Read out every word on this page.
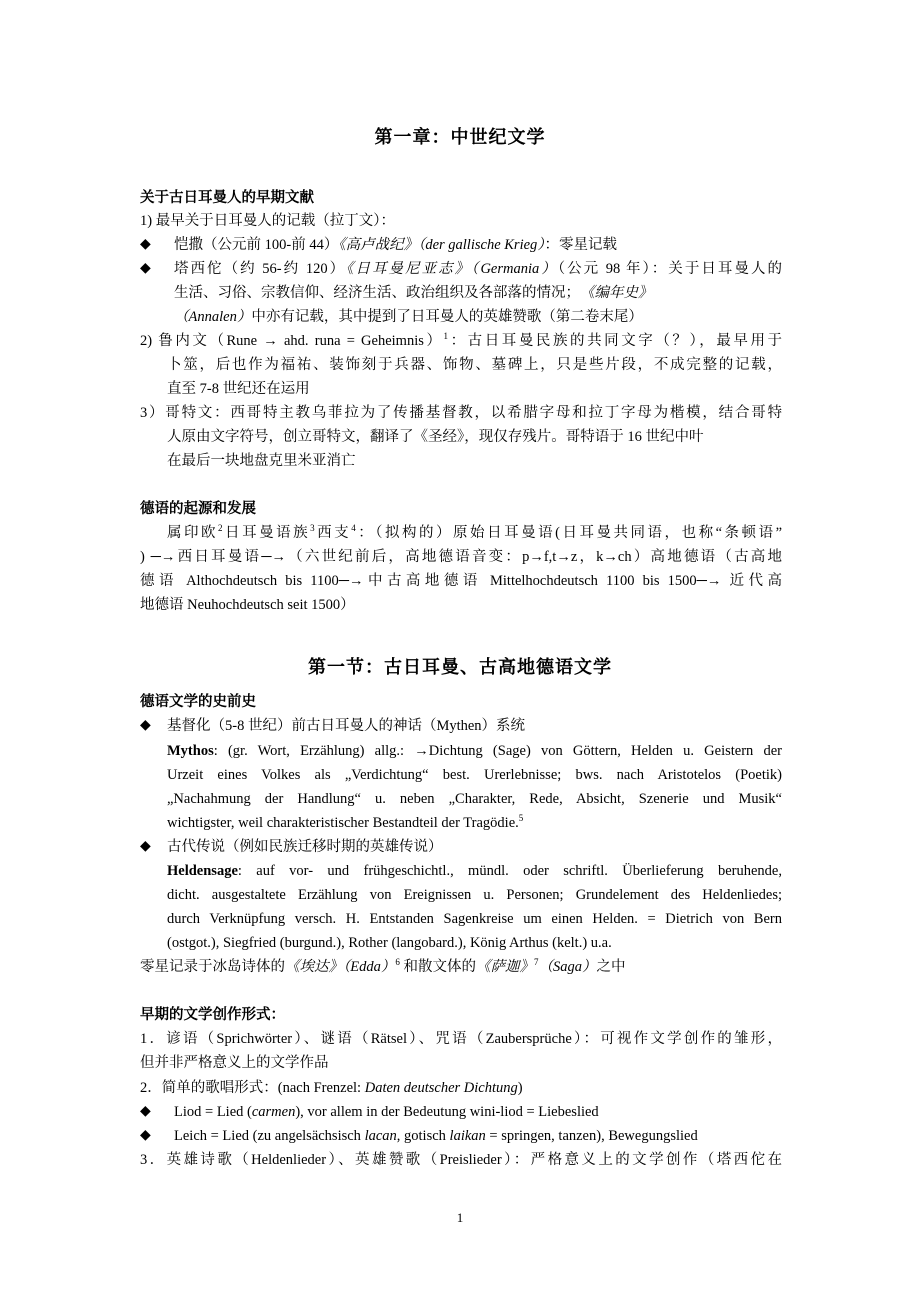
第一章：中世纪文学
关于古日耳曼人的早期文献
1) 最早关于日耳曼人的记载（拉丁文）：
恺撒（公元前 100-前 44）《高卢战纪》（der gallische Krieg）：零星记载
◆
塔西佗（约 56-约 120）《日耳曼尼亚志》（Germania）（公元 98 年）：关于日耳曼人的
◆
生活、习俗、宗教信仰、经济生活、政治组织及各部落的情况；　《编年史》
（Annalen）中亦有记载，其中提到了日耳曼人的英雄赞歌（第二卷末尾）
2) 鲁内文（Rune → ahd. runa = Geheimnis）$^1$：古日耳曼民族的共同文字（？），最早用于
卜筮，后也作为福祐、装饰刻于兵器、饰物、墓碑上，只是些片段，不成完整的记载，
直至 7-8 世纪还在运用
3）哥特文：西哥特主教乌菲拉为了传播基督教，以希腊字母和拉丁字母为楷模，结合哥特
人原由文字符号，创立哥特文，翻译了《圣经》，现仅存残片。哥特语于 16 世纪中叶
在最后一块地盘克里米亚消亡
德语的起源和发展
属印欧$^2$日耳曼语族$^3$西支$^4$：（拟构的）原始日耳曼语(日耳曼共同语，也称“条顿语”
) ─→西日耳曼语─→（六世纪前后，高地德语音变：p→f,t→z，k→ch）高地德语（古高地
德语 Althochdeutsch bis 1100─→中古高地德语 Mittelhochdeutsch 1100 bis 1500─→ 近代高
地德语 Neuhochdeutsch seit 1500）
第一节：古日耳曼、古高地德语文学
德语文学的史前史
基督化（5-8 世纪）前古日耳曼人的神话（Mythen）系统
◆
Mythos: (gr. Wort, Erzählung) allg.: →Dichtung (Sage) von Göttern, Helden u. Geistern der
Urzeit eines Volkes als „Verdichtung“ best. Urerlebnisse; bws. nach Aristotelos (Poetik)
„Nachahmung der Handlung“ u. neben „Charakter, Rede, Absicht, Szenerie und Musik“
wichtigster, weil charakteristischer Bestandteil der Tragödie.$^5$
古代传说（例如民族迁移时期的英雄传说）
◆
Heldensage: auf vor- und frühgeschichtl., mündl. oder schriftl. Überlieferung beruhende,
dicht. ausgestaltete Erzählung von Ereignissen u. Personen; Grundelement des Heldenliedes;
durch Verknüpfung versch. H. Entstanden Sagenkreise um einen Helden. = Dietrich von Bern
(ostgot.), Siegfried (burgund.), Rother (langobard.), König Arthus (kelt.) u.a.
零星记录于冰岛诗体的《埃达》（Edda）$^6$ 和散文体的《萨迦》$^7$（Saga）之中
早期的文学创作形式：
1．谚语（Sprichwörter）、谜语（Rätsel）、咒语（Zaubersprüche）：可视作文学创作的雏形，
但并非严格意义上的文学作品
2．简单的歌唱形式：(nach Frenzel: Daten deutscher Dichtung)
Liod = Lied (carmen), vor allem in der Bedeutung wini-liod = Liebeslied
◆
Leich = Lied (zu angelsächsisch lacan, gotisch laikan = springen, tanzen), Bewegungslied
◆
3．英雄诗歌（Heldenlieder）、英雄赞歌（Preislieder）：严格意义上的文学创作（塔西佗在
1
